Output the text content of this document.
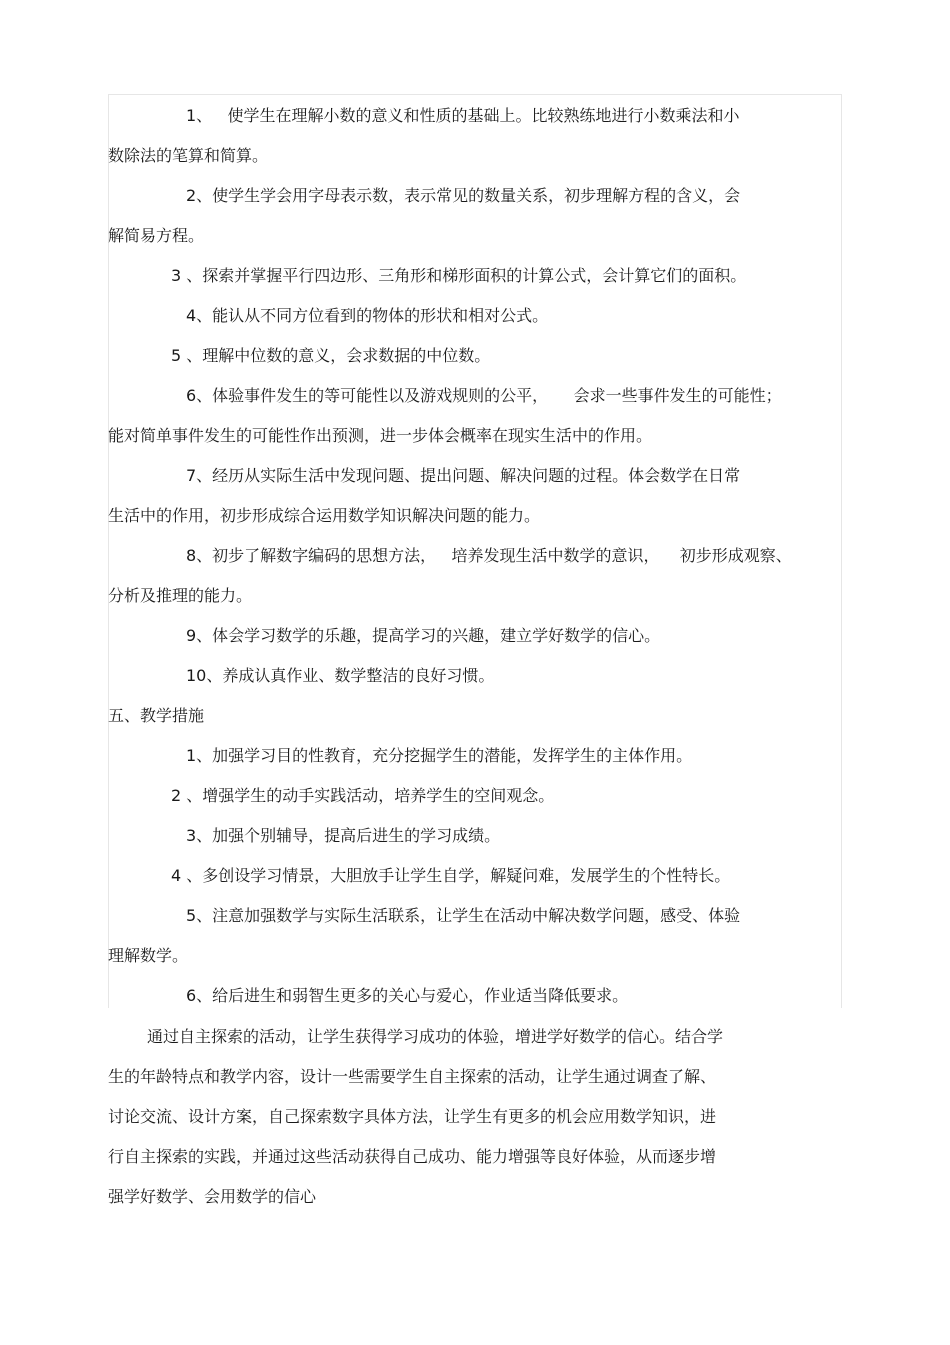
1、   使学生在理解小数的意义和性质的基础上。比较熟练地进行小数乘法和小
数除法的笔算和简算。
2、使学生学会用字母表示数，表示常见的数量关系，初步理解方程的含义，会
解简易方程。
3 、探索并掌握平行四边形、三角形和梯形面积的计算公式，会计算它们的面积。
4、能认从不同方位看到的物体的形状和相对公式。
5 、理解中位数的意义，会求数据的中位数。
6、体验事件发生的等可能性以及游戏规则的公平，     会求一些事件发生的可能性；
能对简单事件发生的可能性作出预测，进一步体会概率在现实生活中的作用。
7、经历从实际生活中发现问题、提出问题、解决问题的过程。体会数学在日常
生活中的作用，初步形成综合运用数学知识解决问题的能力。
8、初步了解数字编码的思想方法，   培养发现生活中数学的意识，    初步形成观察、
分析及推理的能力。
9、体会学习数学的乐趣，提高学习的兴趣，建立学好数学的信心。
10、养成认真作业、数学整洁的良好习惯。
五、教学措施
1、加强学习目的性教育，充分挖掘学生的潜能，发挥学生的主体作用。
2 、增强学生的动手实践活动，培养学生的空间观念。
3、加强个别辅导，提高后进生的学习成绩。
4 、多创设学习情景，大胆放手让学生自学，解疑问难，发展学生的个性特长。
5、注意加强数学与实际生活联系，让学生在活动中解决数学问题，感受、体验
理解数学。
6、给后进生和弱智生更多的关心与爱心，作业适当降低要求。
通过自主探索的活动，让学生获得学习成功的体验，增进学好数学的信心。结合学
生的年龄特点和教学内容，设计一些需要学生自主探索的活动，让学生通过调查了解、
讨论交流、设计方案，自己探索数字具体方法，让学生有更多的机会应用数学知识，进
行自主探索的实践，并通过这些活动获得自己成功、能力增强等良好体验，从而逐步增
强学好数学、会用数学的信心
